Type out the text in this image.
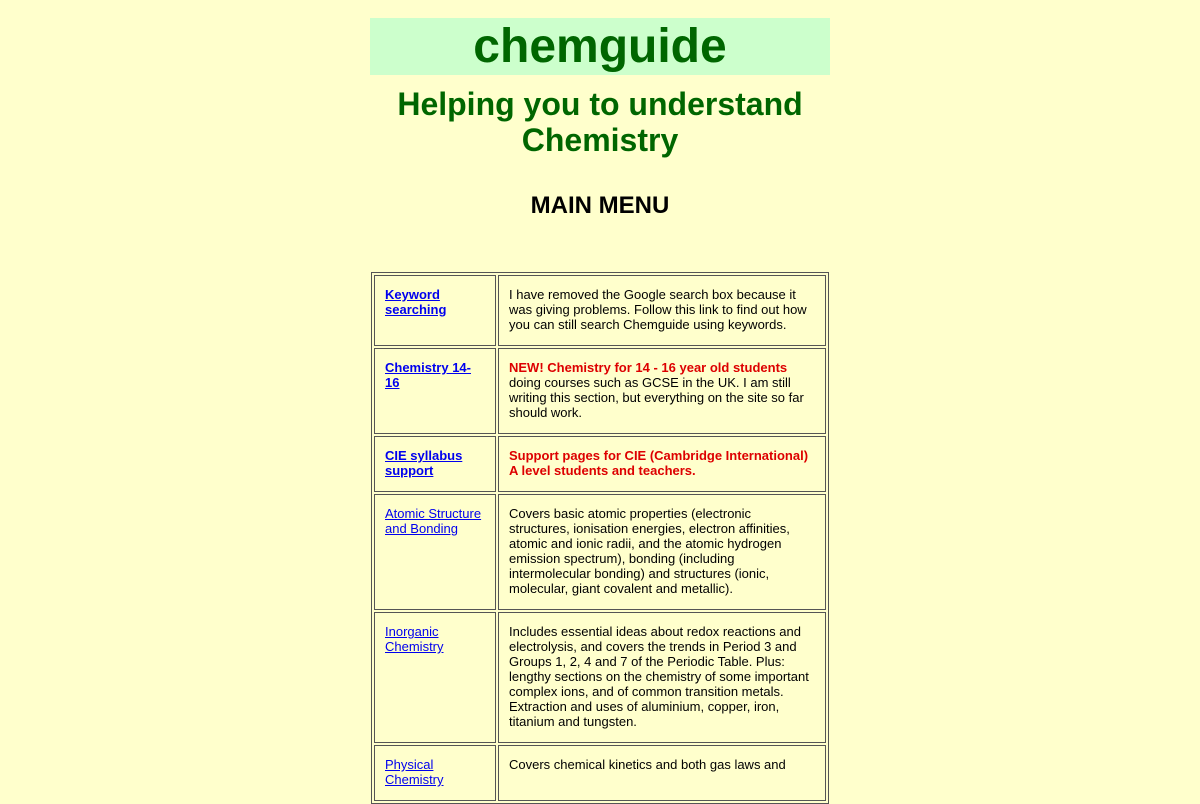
chemguide
Helping you to understand Chemistry
MAIN MENU
Keyword searching	I have removed the Google search box because it was giving problems. Follow this link to find out how you can still search Chemguide using keywords.
Chemistry 14-16	NEW! Chemistry for 14 - 16 year old students doing courses such as GCSE in the UK. I am still writing this section, but everything on the site so far should work.
CIE syllabus support	Support pages for CIE (Cambridge International) A level students and teachers.
Atomic Structure and Bonding	Covers basic atomic properties (electronic structures, ionisation energies, electron affinities, atomic and ionic radii, and the atomic hydrogen emission spectrum), bonding (including intermolecular bonding) and structures (ionic, molecular, giant covalent and metallic).
Inorganic Chemistry	Includes essential ideas about redox reactions and electrolysis, and covers the trends in Period 3 and Groups 1, 2, 4 and 7 of the Periodic Table. Plus: lengthy sections on the chemistry of some important complex ions, and of common transition metals. Extraction and uses of aluminium, copper, iron, titanium and tungsten.
Physical Chemistry	Covers chemical kinetics and both gas laws and
